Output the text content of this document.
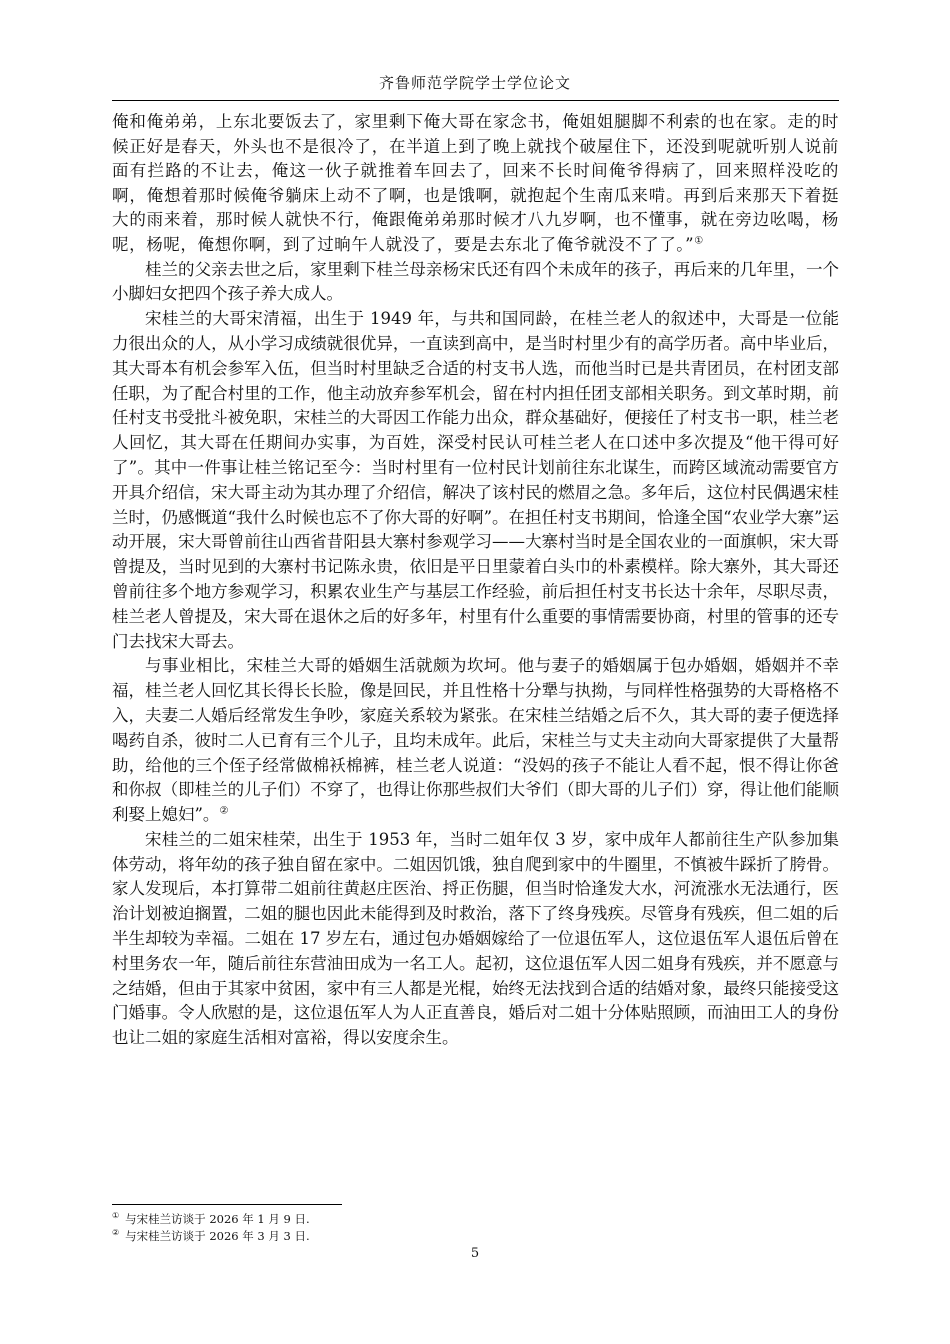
齐鲁师范学院学士学位论文

俺和俺弟弟，上东北要饭去了，家里剩下俺大哥在家念书，俺姐姐腿脚不利索的也在家。走的时候正好是春天，外头也不是很冷了，在半道上到了晚上就找个破屋住下，还没到呢就听别人说前面有拦路的不让去，俺这一伙子就推着车回去了，回来不长时间俺爷得病了，回来照样没吃的啊，俺想着那时候俺爷躺床上动不了啊，也是饿啊，就抱起个生南瓜来啃。再到后来那天下着挺大的雨来着，那时候人就快不行，俺跟俺弟弟那时候才八九岁啊，也不懂事，就在旁边吆喝，杨呢，杨呢，俺想你啊，到了过晌午人就没了，要是去东北了俺爷就没不了了。”①

桂兰的父亲去世之后，家里剩下桂兰母亲杨宋氏还有四个未成年的孩子，再后来的几年里，一个小脚妇女把四个孩子养大成人。

宋桂兰的大哥宋清福，出生于 1949 年，与共和国同龄，在桂兰老人的叙述中，大哥是一位能力很出众的人，从小学习成绩就很优异，一直读到高中，是当时村里少有的高学历者。高中毕业后，其大哥本有机会参军入伍，但当时村里缺乏合适的村支书人选，而他当时已是共青团员，在村团支部任职，为了配合村里的工作，他主动放弃参军机会，留在村内担任团支部相关职务。到文革时期，前任村支书受批斗被免职，宋桂兰的大哥因工作能力出众，群众基础好，便接任了村支书一职，桂兰老人回忆，其大哥在任期间办实事，为百姓，深受村民认可桂兰老人在口述中多次提及“他干得可好了”。其中一件事让桂兰铭记至今：当时村里有一位村民计划前往东北谋生，而跨区域流动需要官方开具介绍信，宋大哥主动为其办理了介绍信，解决了该村民的燃眉之急。多年后，这位村民偶遇宋桂兰时，仍感慨道“我什么时候也忘不了你大哥的好啊”。在担任村支书期间，恰逢全国“农业学大寨”运动开展，宋大哥曾前往山西省昔阳县大寨村参观学习——大寨村当时是全国农业的一面旗帜，宋大哥曾提及，当时见到的大寨村书记陈永贵，依旧是平日里蒙着白头巾的朴素模样。除大寨外，其大哥还曾前往多个地方参观学习，积累农业生产与基层工作经验，前后担任村支书长达十余年，尽职尽责，桂兰老人曾提及，宋大哥在退休之后的好多年，村里有什么重要的事情需要协商，村里的管事的还专门去找宋大哥去。

与事业相比，宋桂兰大哥的婚姻生活就颇为坎坷。他与妻子的婚姻属于包办婚姻，婚姻并不幸福，桂兰老人回忆其长得长长脸，像是回民，并且性格十分犟与执拗，与同样性格强势的大哥格格不入，夫妻二人婚后经常发生争吵，家庭关系较为紧张。在宋桂兰结婚之后不久，其大哥的妻子便选择喝药自杀，彼时二人已育有三个儿子，且均未成年。此后，宋桂兰与丈夫主动向大哥家提供了大量帮助，给他的三个侄子经常做棉袄棉裤，桂兰老人说道：“没妈的孩子不能让人看不起，恨不得让你爸和你叔（即桂兰的儿子们）不穿了，也得让你那些叔们大爷们（即大哥的儿子们）穿，得让他们能顺利娶上媳妇”。②

宋桂兰的二姐宋桂荣，出生于 1953 年，当时二姐年仅 3 岁，家中成年人都前往生产队参加集体劳动，将年幼的孩子独自留在家中。二姐因饥饿，独自爬到家中的牛圈里，不慎被牛踩折了胯骨。家人发现后，本打算带二姐前往黄赵庄医治、捋正伤腿，但当时恰逢发大水，河流涨水无法通行，医治计划被迫搁置，二姐的腿也因此未能得到及时救治，落下了终身残疾。尽管身有残疾，但二姐的后半生却较为幸福。二姐在 17 岁左右，通过包办婚姻嫁给了一位退伍军人，这位退伍军人退伍后曾在村里务农一年，随后前往东营油田成为一名工人。起初，这位退伍军人因二姐身有残疾，并不愿意与之结婚，但由于其家中贫困，家中有三人都是光棍，始终无法找到合适的结婚对象，最终只能接受这门婚事。令人欣慰的是，这位退伍军人为人正直善良，婚后对二姐十分体贴照顾，而油田工人的身份也让二姐的家庭生活相对富裕，得以安度余生。

① 与宋桂兰访谈于 2026 年 1 月 9 日.

② 与宋桂兰访谈于 2026 年 3 月 3 日.

5
